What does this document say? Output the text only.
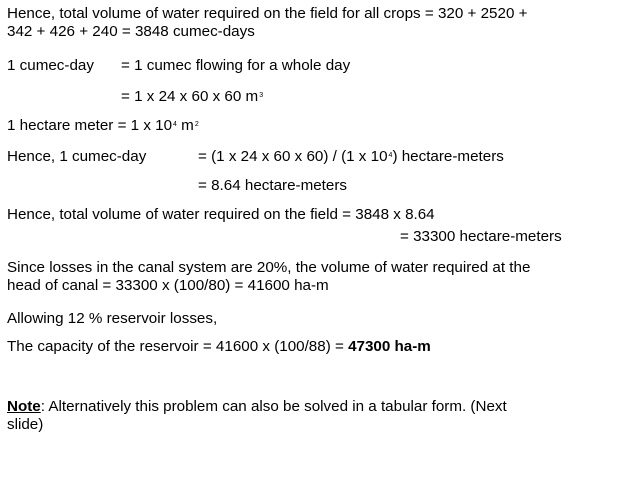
Hence, total volume of water required on the field for all crops = 320 + 2520 +
342 + 426 + 240 = 3848 cumec-days
1 cumec-day = 1 cumec flowing for a whole day
= 1 x 24 x 60 x 60 $m^3$
1 hectare meter = 1 x $10^4$ $m^2$
Hence, 1 cumec-day	= (1 x 24 x 60 x 60) / (1 x $10^4$) hectare-meters
= 8.64 hectare-meters
Hence, total volume of water required on the field = 3848 x 8.64
= 33300 hectare-meters
Since losses in the canal system are 20%, the volume of water required at the
head of canal = 33300 x (100/80) = 41600 ha-m
Allowing 12 % reservoir losses,
The capacity of the reservoir = 41600 x (100/88) = 47300 ha-m
Note: Alternatively this problem can also be solved in a tabular form. (Next
slide)
